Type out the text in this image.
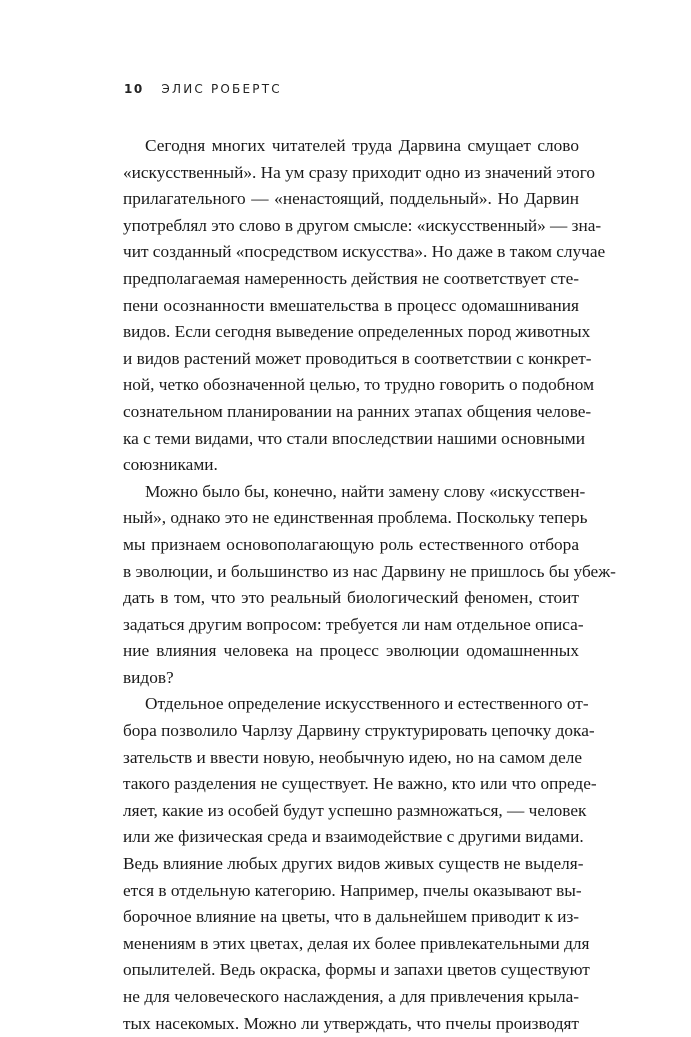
10 ЭЛИС РОБЕРТС
Сегодня многих читателей труда Дарвина смущает слово
«искусственный». На ум сразу приходит одно из значений этого
прилагательного — «ненастоящий, поддельный». Но Дарвин
употреблял это слово в другом смысле: «искусственный» — зна-
чит созданный «посредством искусства». Но даже в таком случае
предполагаемая намеренность действия не соответствует сте-
пени осознанности вмешательства в процесс одомашнивания
видов. Если сегодня выведение определенных пород животных
и видов растений может проводиться в соответствии с конкрет-
ной, четко обозначенной целью, то трудно говорить о подобном
сознательном планировании на ранних этапах общения челове-
ка с теми видами, что стали впоследствии нашими основными
союзниками.
Можно было бы, конечно, найти замену слову «искусствен-
ный», однако это не единственная проблема. Поскольку теперь
мы признаем основополагающую роль естественного отбора
в эволюции, и большинство из нас Дарвину не пришлось бы убеж-
дать в том, что это реальный биологический феномен, стоит
задаться другим вопросом: требуется ли нам отдельное описа-
ние влияния человека на процесс эволюции одомашненных
видов?
Отдельное определение искусственного и естественного от-
бора позволило Чарлзу Дарвину структурировать цепочку дока-
зательств и ввести новую, необычную идею, но на самом деле
такого разделения не существует. Не важно, кто или что опреде-
ляет, какие из особей будут успешно размножаться, — человек
или же физическая среда и взаимодействие с другими видами.
Ведь влияние любых других видов живых существ не выделя-
ется в отдельную категорию. Например, пчелы оказывают вы-
борочное влияние на цветы, что в дальнейшем приводит к из-
менениям в этих цветах, делая их более привлекательными для
опылителей. Ведь окраска, формы и запахи цветов существуют
не для человеческого наслаждения, а для привлечения крыла-
тых насекомых. Можно ли утверждать, что пчелы производят
